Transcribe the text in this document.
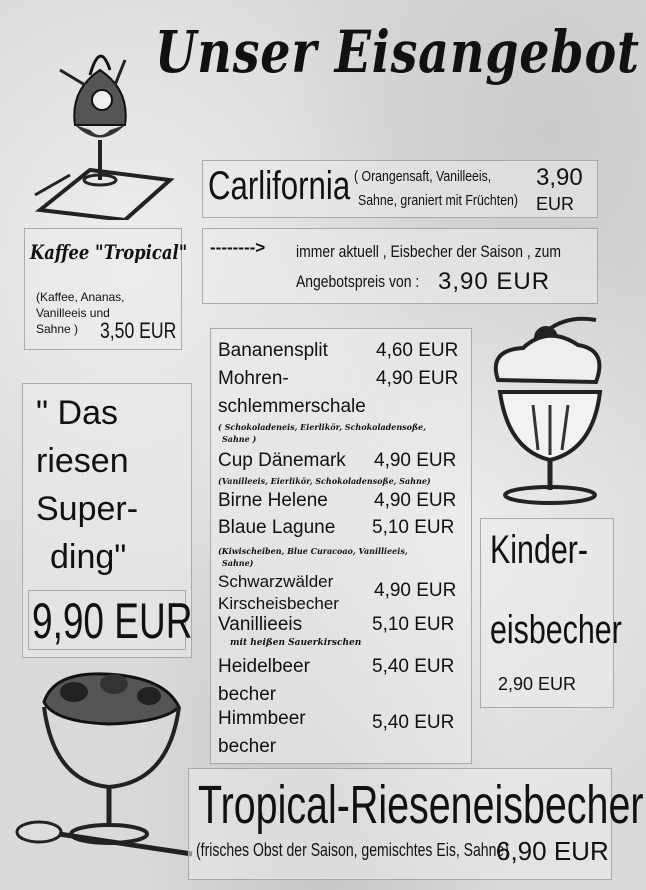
Unser Eisangebot
Carlifornia ( Orangensaft, Vanilleeis,
Sahne, graniert mit Früchten)
3,90
EUR
--------> immer aktuell , Eisbecher der Saison , zum
Angebotspreis von : 3,90 EUR
Kaffee "Tropical"
(Kaffee, Ananas,
Vanilleeis und
Sahne ) 3,50 EUR
" Das
riesen
Super-
ding"
9,90 EUR
Bananensplit	4,60 EUR
Mohren-	4,90 EUR
schlemmerschale
( Schokoladeneis, Eierlikör, Schokoladensoße,
Sahne )
Cup Dänemark 4,90 EUR
(Vanilleeis, Eierlikör, Schokoladensoße, Sahne)
Birne Helene 4,90 EUR
Blaue Lagune 5,10 EUR
(Kiwischeiben, Blue Curacoao, Vanillieeis,
Sahne)
Schwarzwälder 4,90 EUR
Kirscheisbecher
Vanillieeis	5,10 EUR
mit heißen Sauerkirschen
Heidelbeer	5,40 EUR
becher
Himmbeer	5,40 EUR
becher
Kinder-
eisbecher
2,90 EUR
Tropical-Rieseneisbecher
(frisches Obst der Saison, gemischtes Eis, Sahne)
6,90 EUR
